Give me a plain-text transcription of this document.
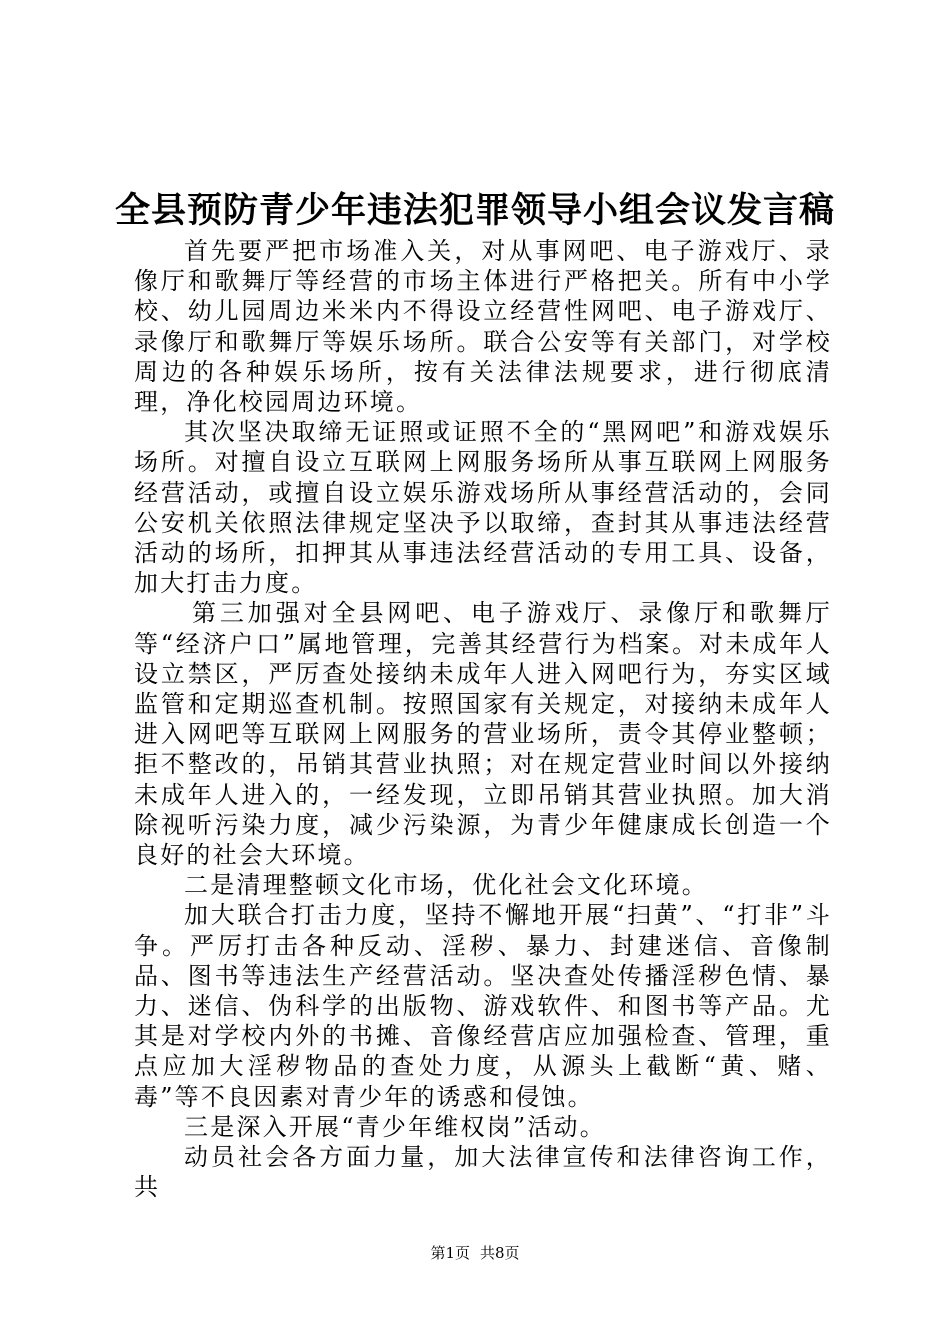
全县预防青少年违法犯罪领导小组会议发言稿

首先要严把市场准入关，对从事网吧、电子游戏厅、录像厅和歌舞厅等经营的市场主体进行严格把关。所有中小学校、幼儿园周边米米内不得设立经营性网吧、电子游戏厅、录像厅和歌舞厅等娱乐场所。联合公安等有关部门，对学校周边的各种娱乐场所，按有关法律法规要求，进行彻底清理，净化校园周边环境。

其次坚决取缔无证照或证照不全的“黑网吧”和游戏娱乐场所。对擅自设立互联网上网服务场所从事互联网上网服务经营活动，或擅自设立娱乐游戏场所从事经营活动的，会同公安机关依照法律规定坚决予以取缔，查封其从事违法经营活动的场所，扣押其从事违法经营活动的专用工具、设备，加大打击力度。

第三加强对全县网吧、电子游戏厅、录像厅和歌舞厅等“经济户口”属地管理，完善其经营行为档案。对未成年人设立禁区，严厉查处接纳未成年人进入网吧行为，夯实区域监管和定期巡查机制。按照国家有关规定，对接纳未成年人进入网吧等互联网上网服务的营业场所，责令其停业整顿；拒不整改的，吊销其营业执照；对在规定营业时间以外接纳未成年人进入的，一经发现，立即吊销其营业执照。加大消除视听污染力度，减少污染源，为青少年健康成长创造一个良好的社会大环境。

二是清理整顿文化市场，优化社会文化环境。

加大联合打击力度，坚持不懈地开展“扫黄”、“打非”斗争。严厉打击各种反动、淫秽、暴力、封建迷信、音像制品、图书等违法生产经营活动。坚决查处传播淫秽色情、暴力、迷信、伪科学的出版物、游戏软件、和图书等产品。尤其是对学校内外的书摊、音像经营店应加强检查、管理，重点应加大淫秽物品的查处力度，从源头上截断“黄、赌、毒”等不良因素对青少年的诱惑和侵蚀。

三是深入开展“青少年维权岗”活动。

动员社会各方面力量，加大法律宣传和法律咨询工作，共

第1页 共8页
